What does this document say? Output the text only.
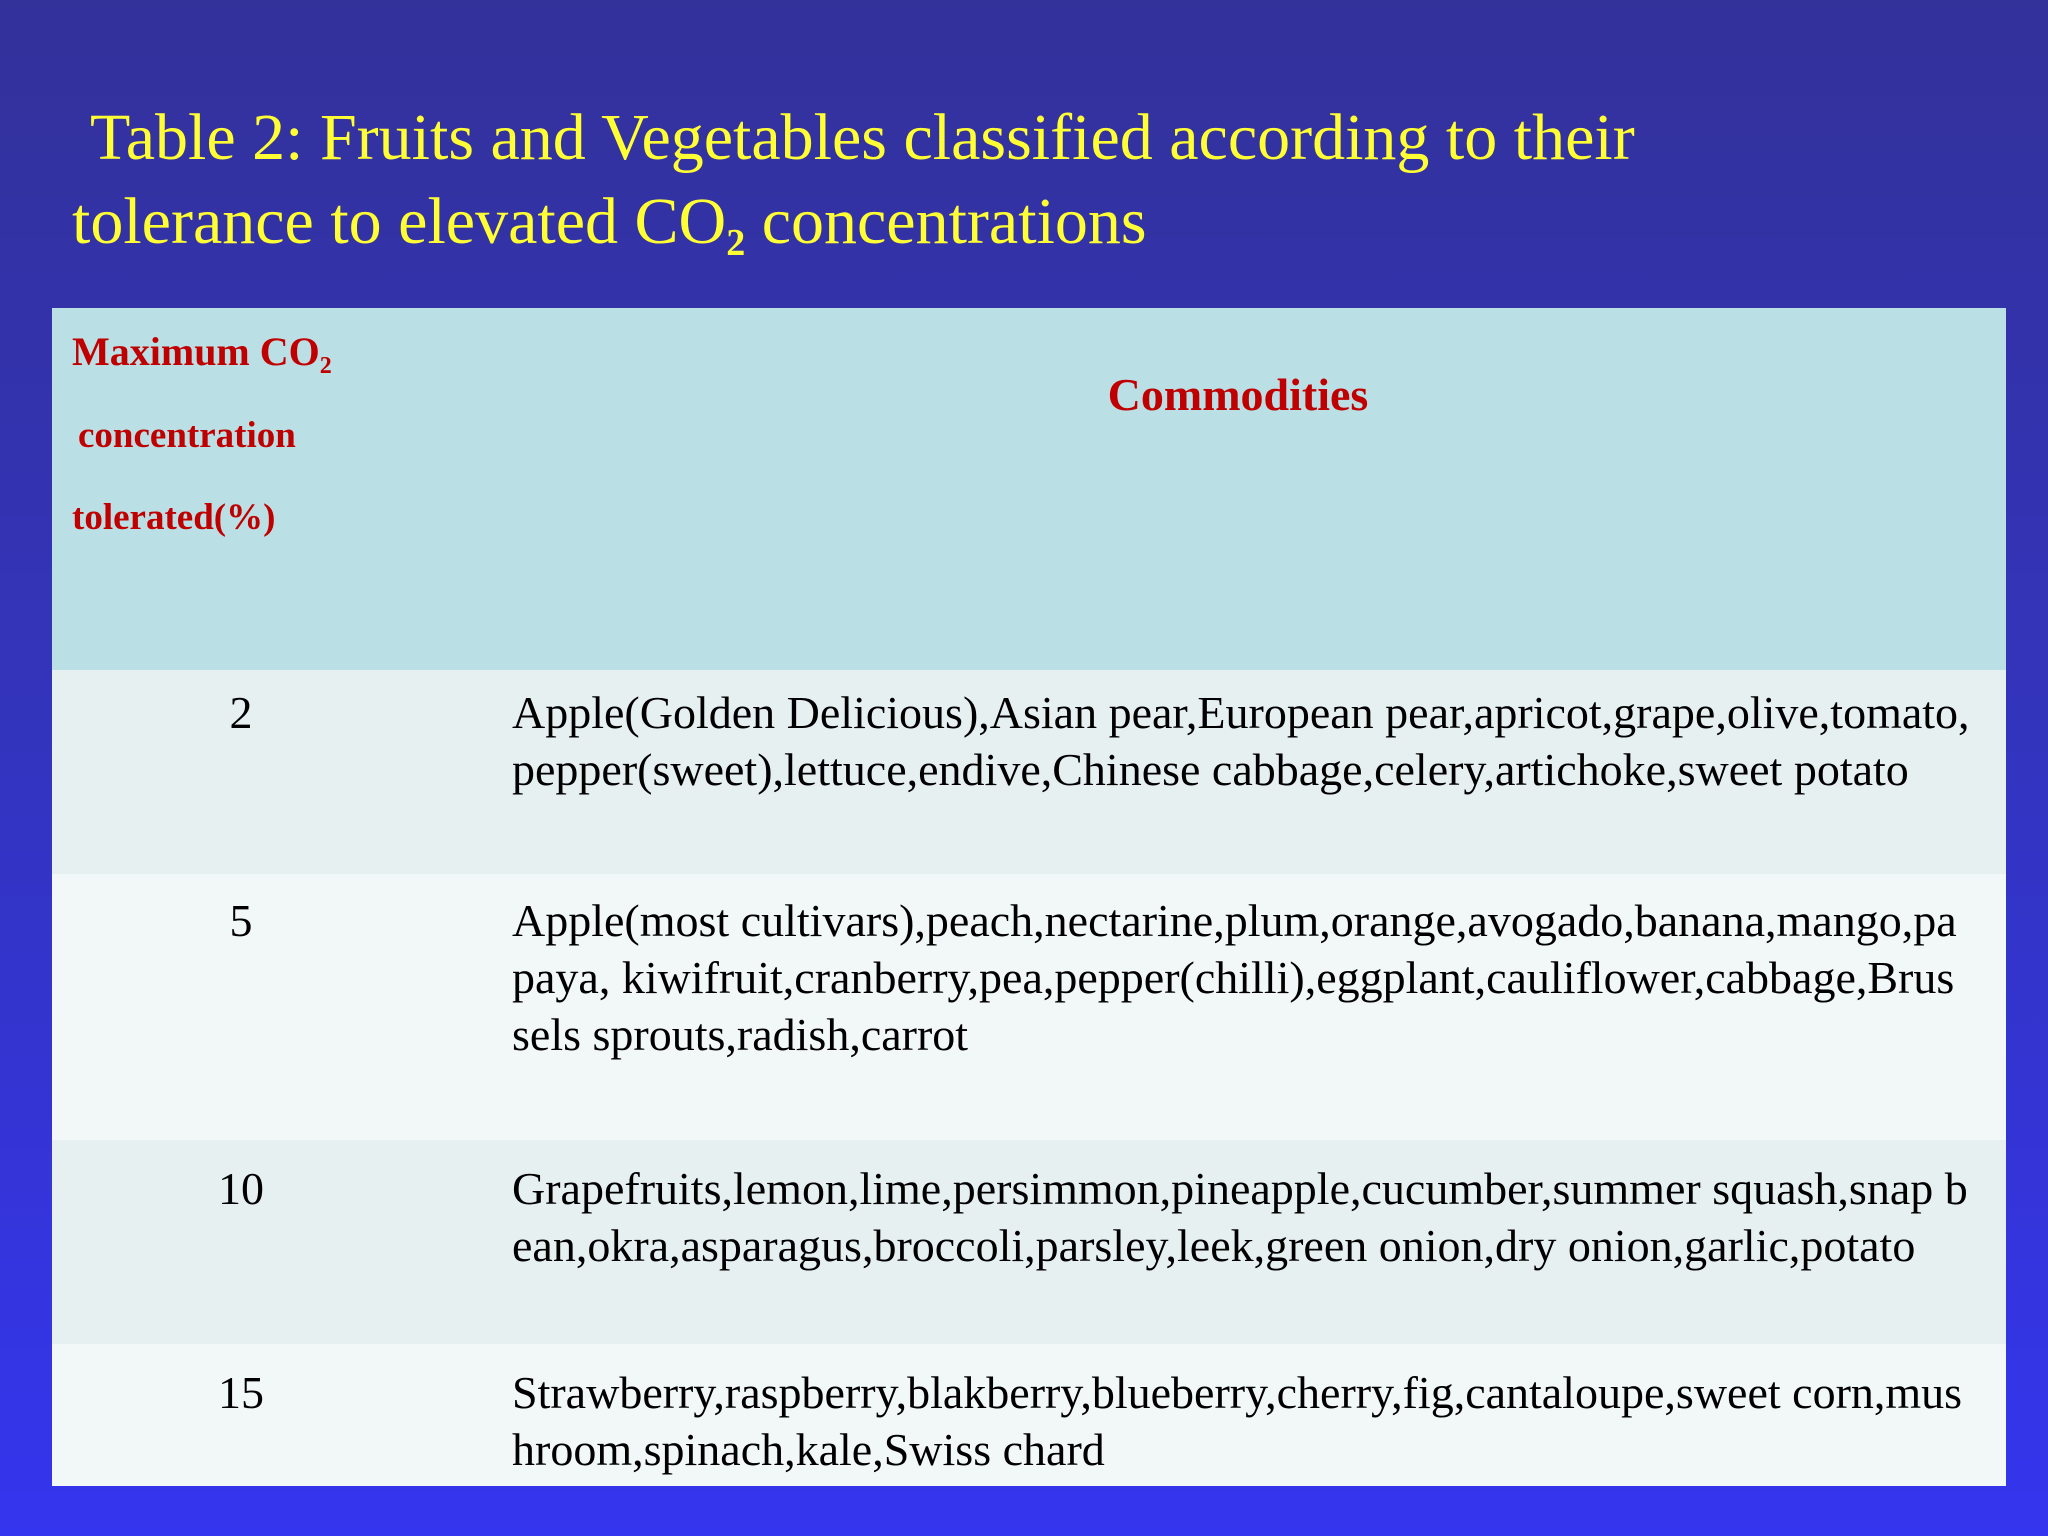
Table 2: Fruits and Vegetables classified according to their
tolerance to elevated $CO_2$ concentrations
Maximum $CO_2$
concentration
tolerated(%)	Commodities
2	Apple(Golden Delicious),Asian pear,European pear,apricot,grape,olive,tomato,pepper(sweet),lettuce,endive,Chinese cabbage,celery,artichoke,sweet potato
5	Apple(most cultivars),peach,nectarine,plum,orange,avogado,banana,mango,papaya, kiwifruit,cranberry,pea,pepper(chilli),eggplant,cauliflower,cabbage,Brussels sprouts,radish,carrot
10	Grapefruits,lemon,lime,persimmon,pineapple,cucumber,summer squash,snap bean,okra,asparagus,broccoli,parsley,leek,green onion,dry onion,garlic,potato
15	Strawberry,raspberry,blakberry,blueberry,cherry,fig,cantaloupe,sweet corn,mushroom,spinach,kale,Swiss chard
